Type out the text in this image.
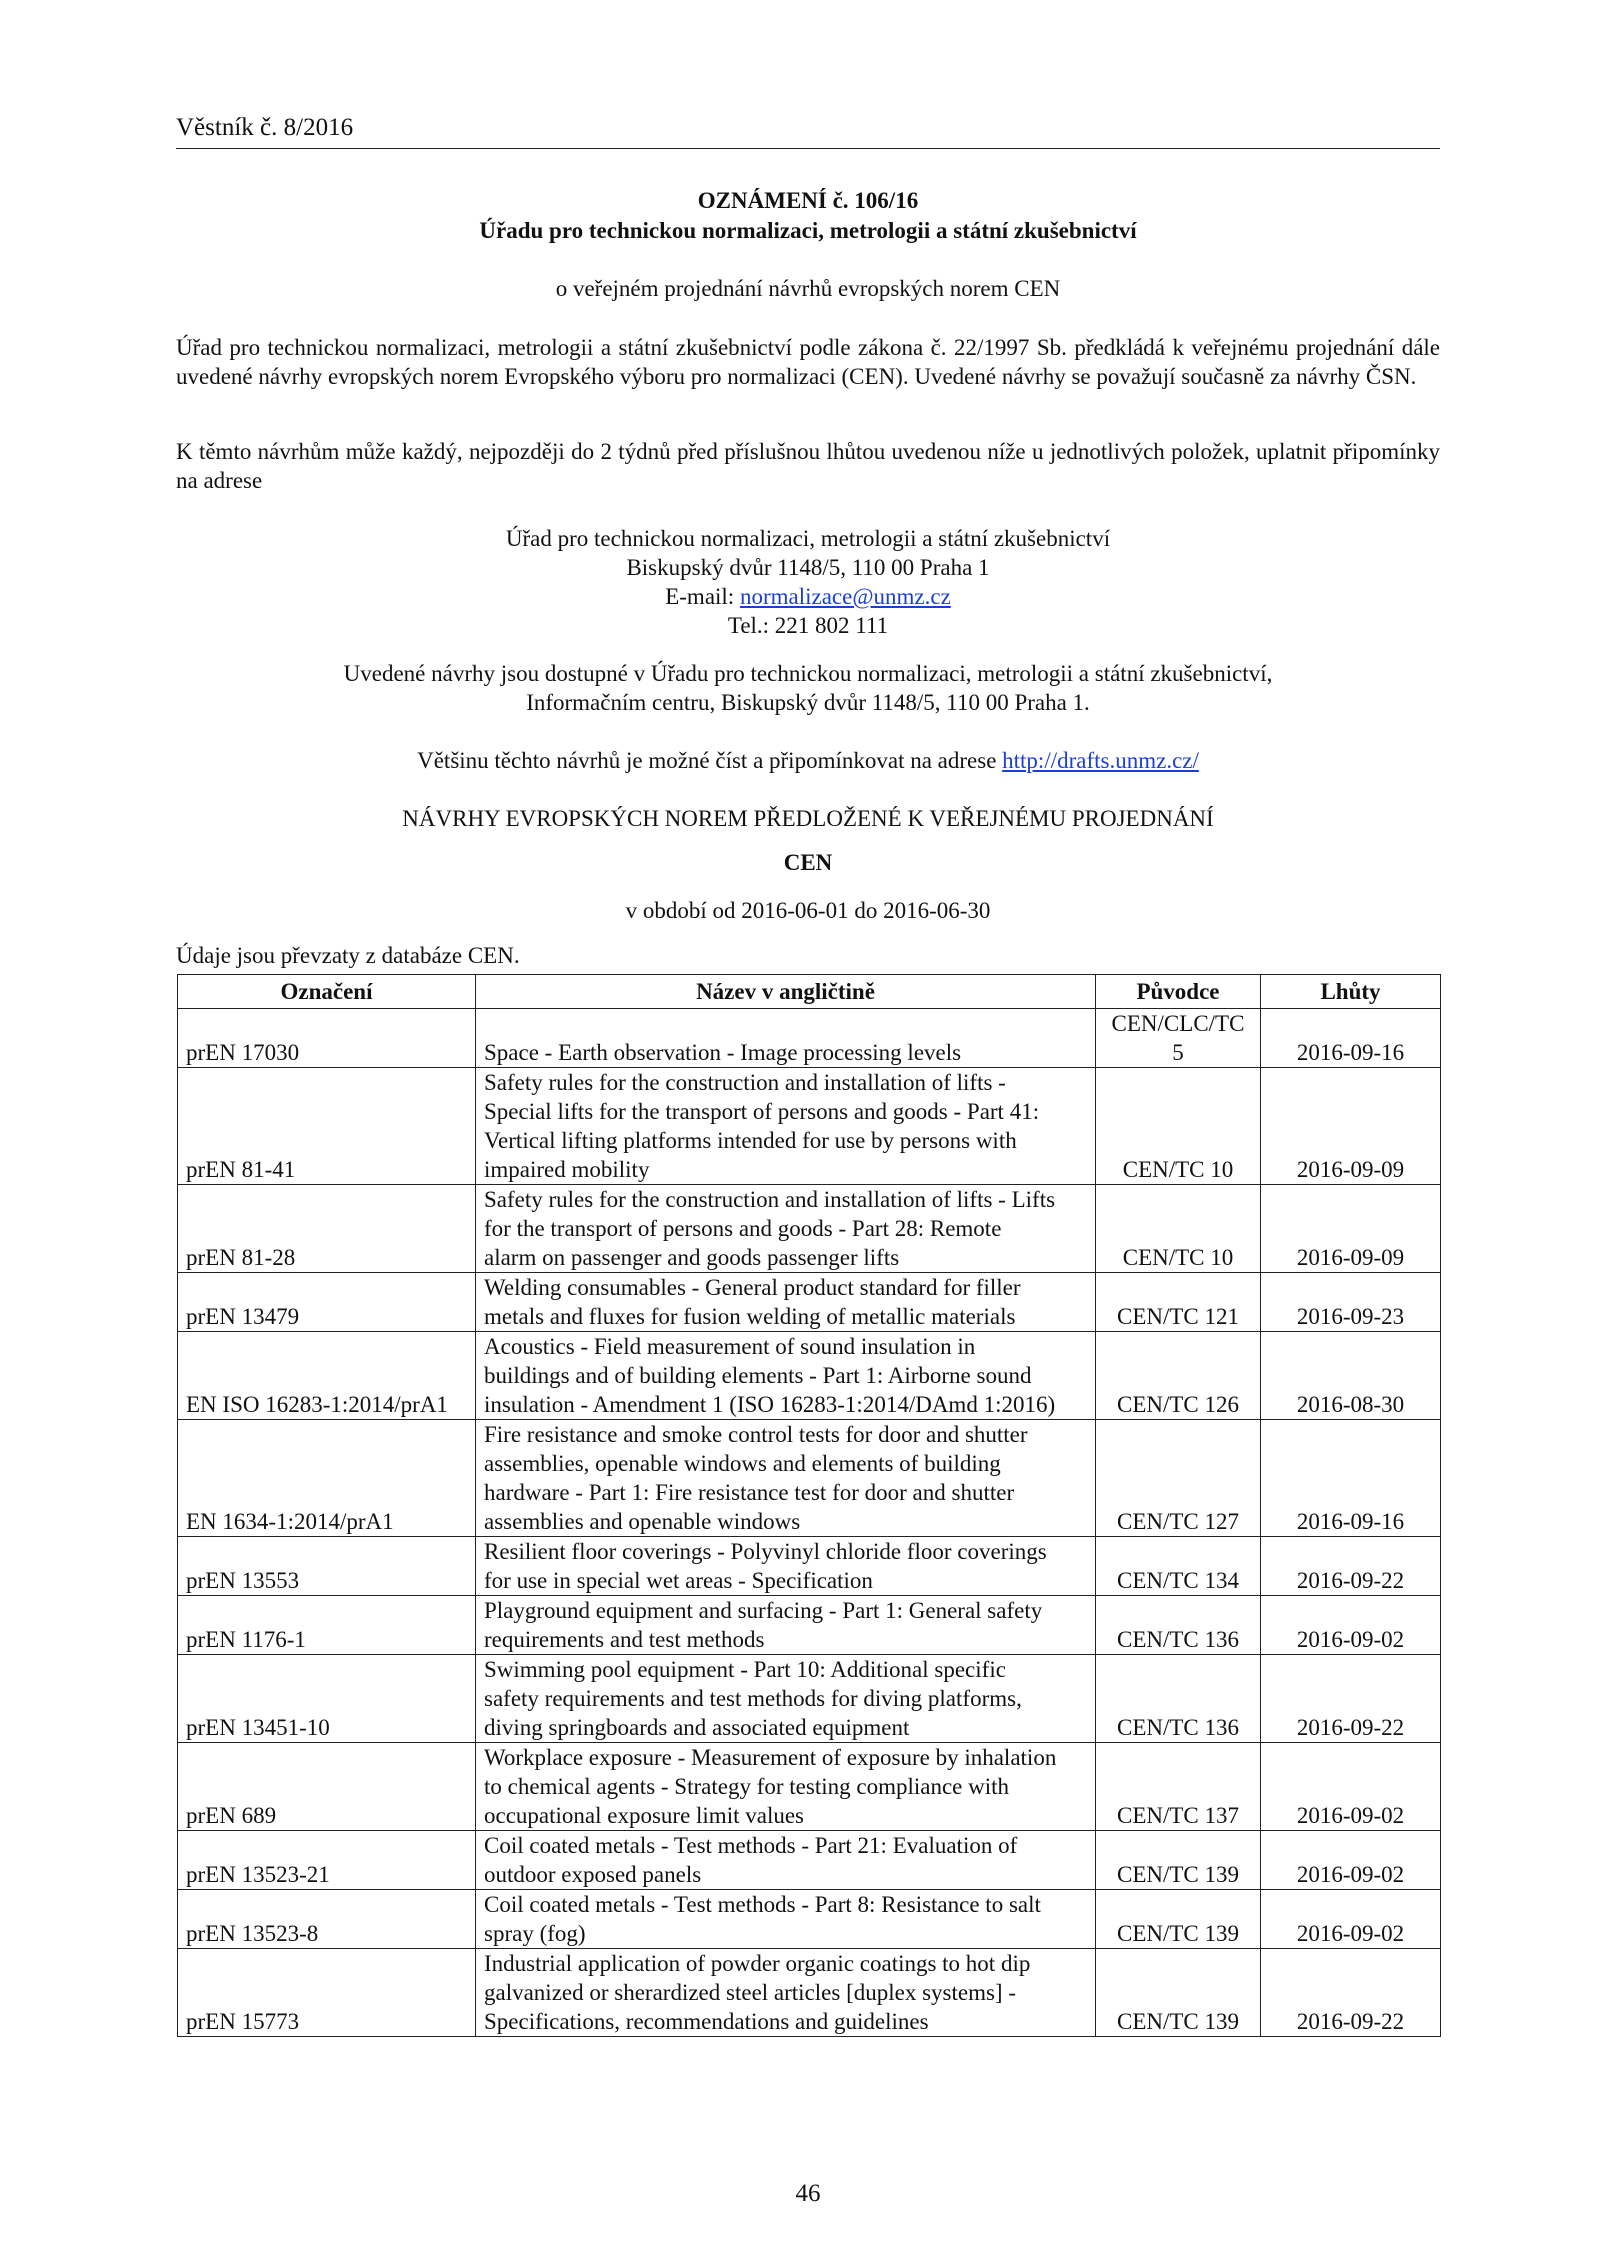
Věstník č. 8/2016
OZNÁMENÍ č. 106/16
Úřadu pro technickou normalizaci, metrologii a státní zkušebnictví
o veřejném projednání návrhů evropských norem CEN
Úřad pro technickou normalizaci, metrologii a státní zkušebnictví podle zákona č. 22/1997 Sb. předkládá k veřejnému projednání dále uvedené návrhy evropských norem Evropského výboru pro normalizaci (CEN). Uvedené návrhy se považují současně za návrhy ČSN.
K těmto návrhům může každý, nejpozději do 2 týdnů před příslušnou lhůtou uvedenou níže u jednotlivých položek, uplatnit připomínky na adrese
Úřad pro technickou normalizaci, metrologii a státní zkušebnictví
Biskupský dvůr 1148/5, 110 00 Praha 1
E-mail: normalizace@unmz.cz
Tel.: 221 802 111
Uvedené návrhy jsou dostupné v Úřadu pro technickou normalizaci, metrologii a státní zkušebnictví,
Informačním centru, Biskupský dvůr 1148/5, 110 00 Praha 1.
Většinu těchto návrhů je možné číst a připomínkovat na adrese http://drafts.unmz.cz/
NÁVRHY EVROPSKÝCH NOREM PŘEDLOŽENÉ K VEŘEJNÉMU PROJEDNÁNÍ
CEN
v období od 2016-06-01 do 2016-06-30
Údaje jsou převzaty z databáze CEN.
Označení	Název v angličtině	Původce	Lhůty
prEN 17030	Space - Earth observation - Image processing levels	CEN/CLC/TC 5	2016-09-16
prEN 81-41	Safety rules for the construction and installation of lifts -
Special lifts for the transport of persons and goods - Part 41:
Vertical lifting platforms intended for use by persons with
impaired mobility	CEN/TC 10	2016-09-09
prEN 81-28	Safety rules for the construction and installation of lifts - Lifts
for the transport of persons and goods - Part 28: Remote
alarm on passenger and goods passenger lifts	CEN/TC 10	2016-09-09
prEN 13479	Welding consumables - General product standard for filler
metals and fluxes for fusion welding of metallic materials	CEN/TC 121	2016-09-23
EN ISO 16283-1:2014/prA1	Acoustics - Field measurement of sound insulation in
buildings and of building elements - Part 1: Airborne sound
insulation - Amendment 1 (ISO 16283-1:2014/DAmd 1:2016)	CEN/TC 126	2016-08-30
EN 1634-1:2014/prA1	Fire resistance and smoke control tests for door and shutter
assemblies, openable windows and elements of building
hardware - Part 1: Fire resistance test for door and shutter
assemblies and openable windows	CEN/TC 127	2016-09-16
prEN 13553	Resilient floor coverings - Polyvinyl chloride floor coverings
for use in special wet areas - Specification	CEN/TC 134	2016-09-22
prEN 1176-1	Playground equipment and surfacing - Part 1: General safety
requirements and test methods	CEN/TC 136	2016-09-02
prEN 13451-10	Swimming pool equipment - Part 10: Additional specific
safety requirements and test methods for diving platforms,
diving springboards and associated equipment	CEN/TC 136	2016-09-22
prEN 689	Workplace exposure - Measurement of exposure by inhalation
to chemical agents - Strategy for testing compliance with
occupational exposure limit values	CEN/TC 137	2016-09-02
prEN 13523-21	Coil coated metals - Test methods - Part 21: Evaluation of
outdoor exposed panels	CEN/TC 139	2016-09-02
prEN 13523-8	Coil coated metals - Test methods - Part 8: Resistance to salt
spray (fog)	CEN/TC 139	2016-09-02
prEN 15773	Industrial application of powder organic coatings to hot dip
galvanized or sherardized steel articles [duplex systems] -
Specifications, recommendations and guidelines	CEN/TC 139	2016-09-22
46
